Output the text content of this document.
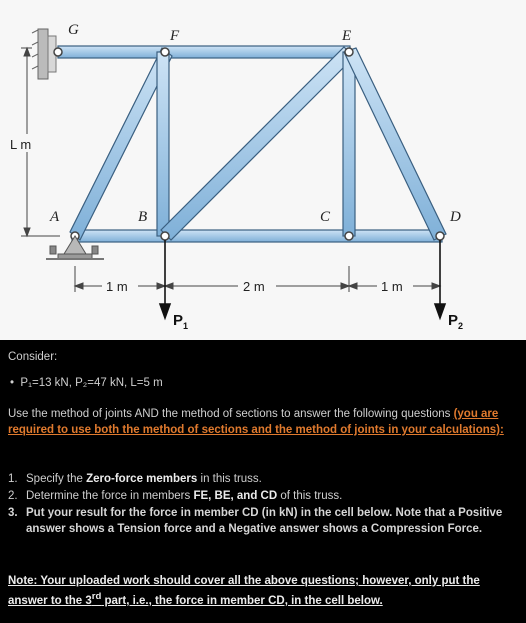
G	F	E
A	B	C	D
L m
1 m	2 m	1 m
$P_1$	$P_2$
Consider:
•  P₁=13 kN, P₂=47 kN, L=5 m
Use the method of joints AND the method of sections to answer the following questions (you are required to use both the method of sections and the method of joints in your calculations):
1. Specify the Zero-force members in this truss.
2. Determine the force in members FE, BE, and CD of this truss.
3. Put your result for the force in member CD (in kN) in the cell below. Note that a Positive answer shows a Tension force and a Negative answer shows a Compression Force.
Note: Your uploaded work should cover all the above questions; however, only put the answer to the 3rd part, i.e., the force in member CD, in the cell below.
